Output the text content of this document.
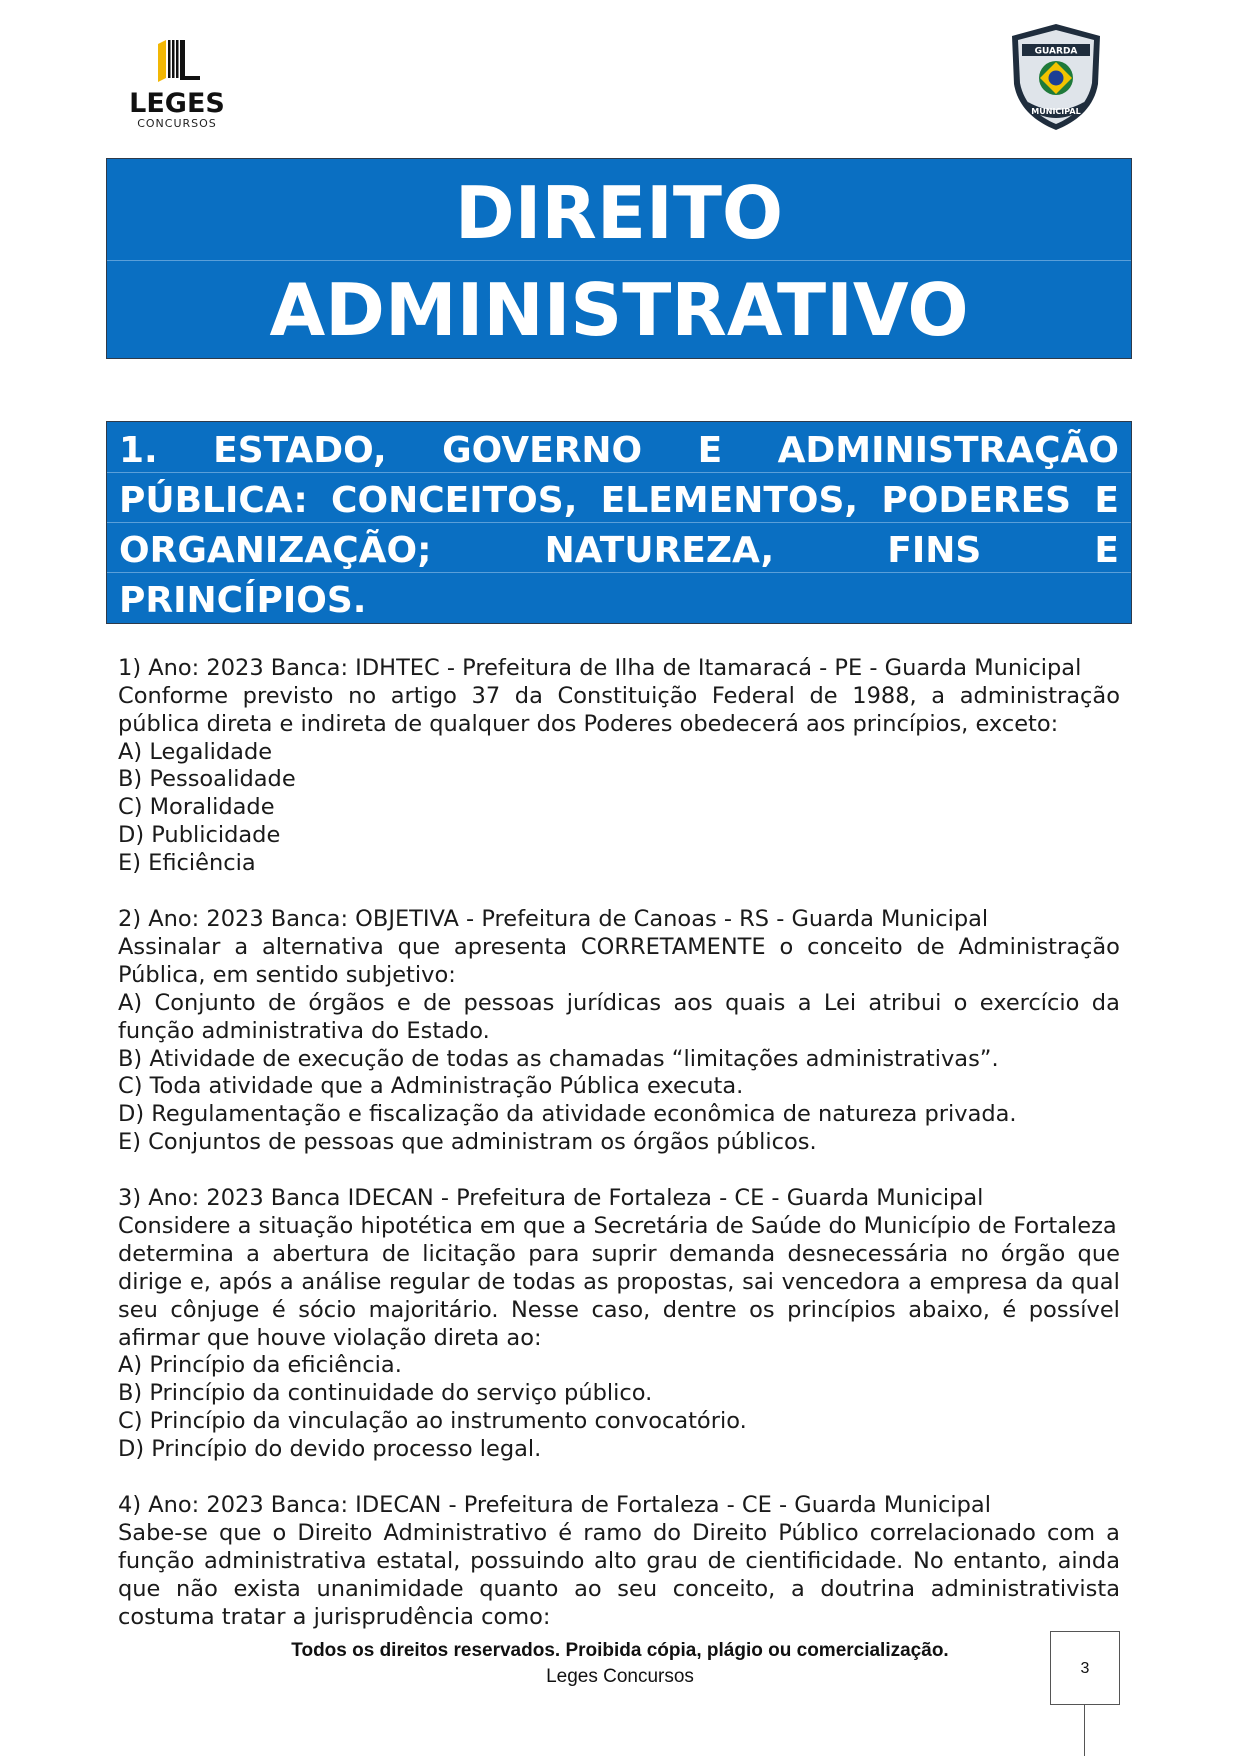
LEGES
CONCURSOS
GUARDA
MUNICIPAL
DIREITO
ADMINISTRATIVO
1. ESTADO, GOVERNO E ADMINISTRAÇÃO
PÚBLICA: CONCEITOS, ELEMENTOS, PODERES E
ORGANIZAÇÃO;	NATUREZA,	FINS	E
PRINCÍPIOS.
1) Ano: 2023 Banca: IDHTEC - Prefeitura de Ilha de Itamaracá - PE - Guarda Municipal
Conforme previsto no artigo 37 da Constituição Federal de 1988, a administração
pública direta e indireta de qualquer dos Poderes obedecerá aos princípios, exceto:
A) Legalidade
B) Pessoalidade
C) Moralidade
D) Publicidade
E) Eficiência
2) Ano: 2023 Banca: OBJETIVA - Prefeitura de Canoas - RS - Guarda Municipal
Assinalar a alternativa que apresenta CORRETAMENTE o conceito de Administração
Pública, em sentido subjetivo:
A) Conjunto de órgãos e de pessoas jurídicas aos quais a Lei atribui o exercício da
função administrativa do Estado.
B) Atividade de execução de todas as chamadas “limitações administrativas”.
C) Toda atividade que a Administração Pública executa.
D) Regulamentação e fiscalização da atividade econômica de natureza privada.
E) Conjuntos de pessoas que administram os órgãos públicos.
3) Ano: 2023 Banca IDECAN - Prefeitura de Fortaleza - CE - Guarda Municipal
Considere a situação hipotética em que a Secretária de Saúde do Município de Fortaleza
determina a abertura de licitação para suprir demanda desnecessária no órgão que
dirige e, após a análise regular de todas as propostas, sai vencedora a empresa da qual
seu cônjuge é sócio majoritário. Nesse caso, dentre os princípios abaixo, é possível
afirmar que houve violação direta ao:
A) Princípio da eficiência.
B) Princípio da continuidade do serviço público.
C) Princípio da vinculação ao instrumento convocatório.
D) Princípio do devido processo legal.
4) Ano: 2023 Banca: IDECAN - Prefeitura de Fortaleza - CE - Guarda Municipal
Sabe-se que o Direito Administrativo é ramo do Direito Público correlacionado com a
função administrativa estatal, possuindo alto grau de cientificidade. No entanto, ainda
que não exista unanimidade quanto ao seu conceito, a doutrina administrativista
costuma tratar a jurisprudência como:
Todos os direitos reservados. Proibida cópia, plágio ou comercialização.
Leges Concursos	3
